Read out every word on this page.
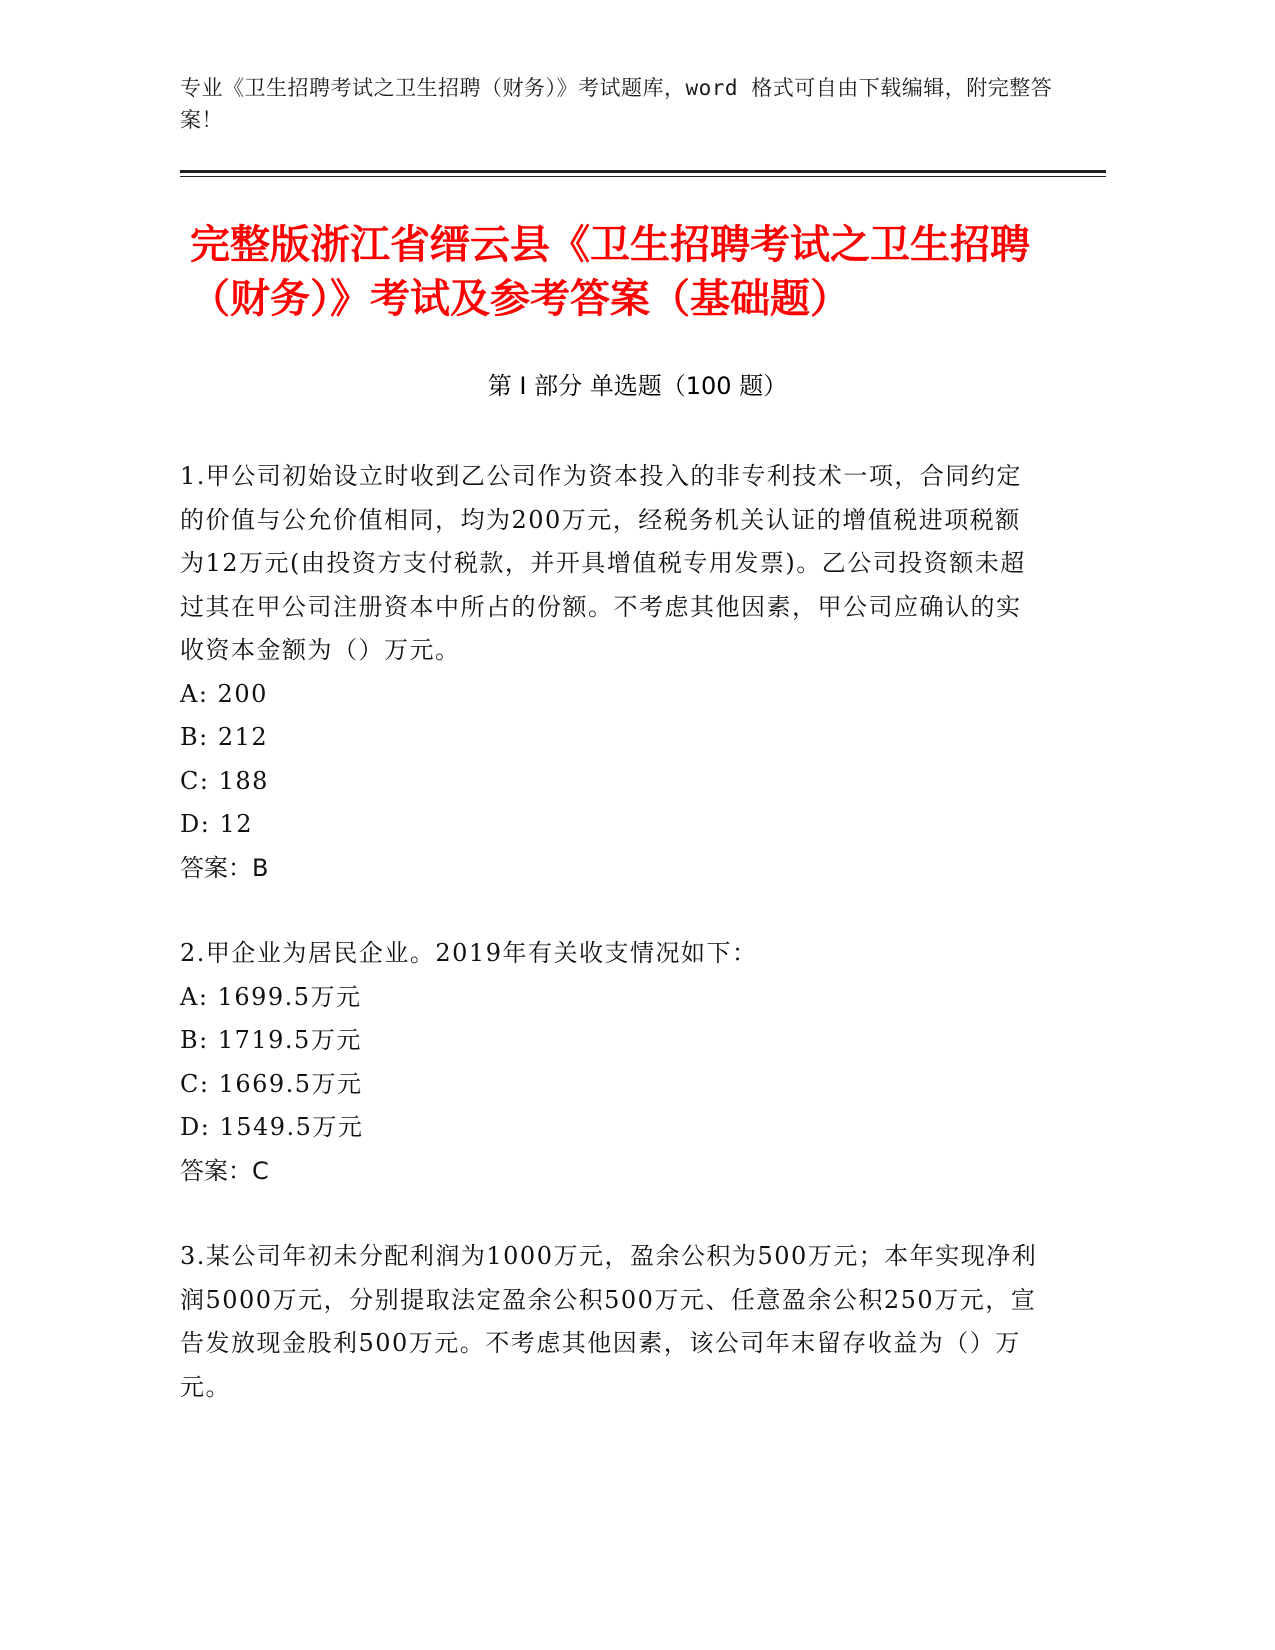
专业《卫生招聘考试之卫生招聘（财务）》考试题库，word 格式可自由下载编辑，附完整答案！
完整版浙江省缙云县《卫生招聘考试之卫生招聘（财务）》考试及参考答案（基础题）
第 I 部分 单选题（100 题）

1.甲公司初始设立时收到乙公司作为资本投入的非专利技术一项，合同约定的价值与公允价值相同，均为200万元，经税务机关认证的增值税进项税额为12万元(由投资方支付税款，并开具增值税专用发票)。乙公司投资额未超过其在甲公司注册资本中所占的份额。不考虑其他因素，甲公司应确认的实收资本金额为（）万元。

A: 200

B: 212

C: 188

D: 12

答案：B

2.甲企业为居民企业。2019年有关收支情况如下：

A: 1699.5万元

B: 1719.5万元

C: 1669.5万元

D: 1549.5万元

答案：C

3.某公司年初未分配利润为1000万元，盈余公积为500万元；本年实现净利润5000万元，分别提取法定盈余公积500万元、任意盈余公积250万元，宣告发放现金股利500万元。不考虑其他因素，该公司年末留存收益为（）万元。
